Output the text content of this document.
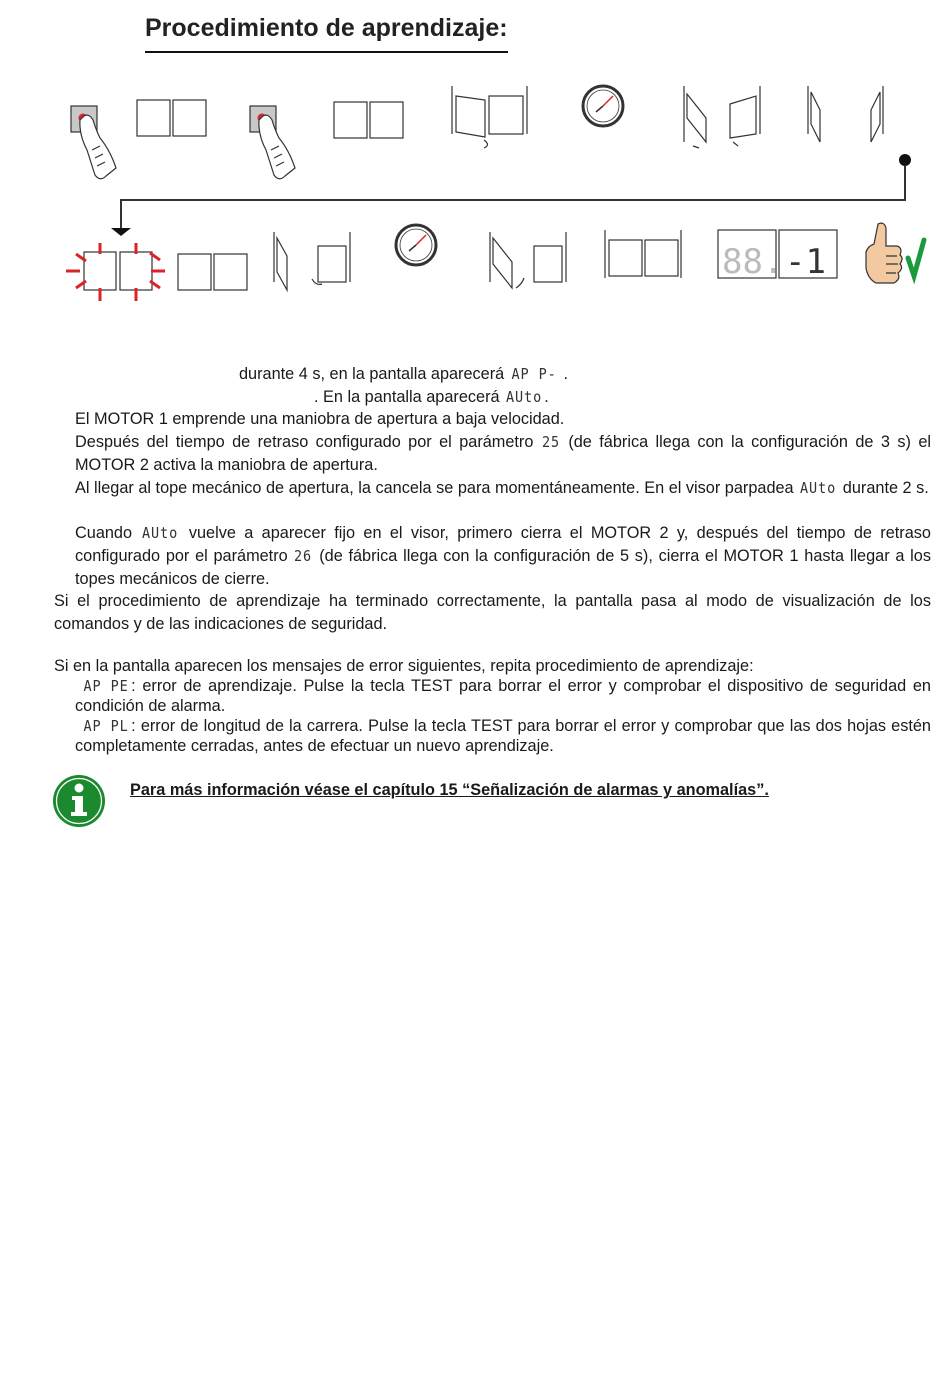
Procedimiento de aprendizaje:
88. -1
durante 4 s, en la pantalla aparecerá AP P- .
. En la pantalla aparecerá AUto .
El MOTOR 1 emprende una maniobra de apertura a baja velocidad.
Después del tiempo de retraso configurado por el parámetro 25 (de fábrica llega con la configuración de 3 s) el MOTOR 2 activa la maniobra de apertura.
Al llegar al tope mecánico de apertura, la cancela se para momentáneamente. En el visor parpadea AUto durante 2 s.
Cuando AUto vuelve a aparecer fijo en el visor, primero cierra el MOTOR 2 y, después del tiempo de retraso configurado por el parámetro 26 (de fábrica llega con la configuración de 5 s), cierra el MOTOR 1 hasta llegar a los topes mecánicos de cierre.
Si el procedimiento de aprendizaje ha terminado correctamente, la pantalla pasa al modo de visualización de los comandos y de las indicaciones de seguridad.
Si en la pantalla aparecen los mensajes de error siguientes, repita procedimiento de aprendizaje:
AP PE : error de aprendizaje. Pulse la tecla TEST para borrar el error y comprobar el dispositivo de seguridad en condición de alarma.
AP PL : error de longitud de la carrera. Pulse la tecla TEST para borrar el error y comprobar que las dos hojas estén completamente cerradas, antes de efectuar un nuevo aprendizaje.
Para más información véase el capítulo 15 “Señalización de alarmas y anomalías”.
